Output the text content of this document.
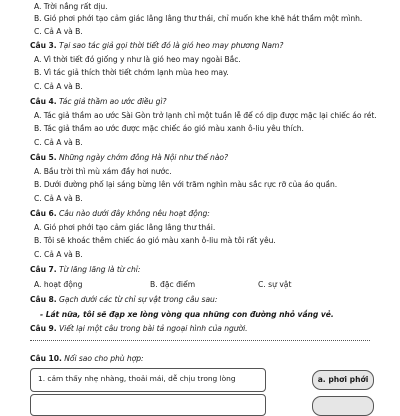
A. Trời nắng rất dịu.
B. Gió phơi phới tạo cảm giác lâng lâng thư thái, chỉ muốn khe khẽ hát thầm một mình.
C. Cả A và B.
Câu 3. Tại sao tác giả gọi thời tiết đó là gió heo may phương Nam?
A. Vì thời tiết đó giống y như là gió heo may ngoài Bắc.
B. Vì tác giả thích thời tiết chớm lạnh mùa heo may.
C. Cả A và B.
Câu 4. Tác giả thầm ao ước điều gì?
A. Tác giả thầm ao ước Sài Gòn trở lạnh chỉ một tuần lễ để có dịp được mặc lại chiếc áo rét.
B. Tác giả thầm ao ước được mặc chiếc áo gió màu xanh ô-liu yêu thích.
C. Cả A và B.
Câu 5. Những ngày chớm đông Hà Nội như thế nào?
A. Bầu trời thì mù xám đầy hơi nước.
B. Dưới đường phố lại sáng bừng lên với trăm nghìn màu sắc rực rỡ của áo quần.
C. Cả A và B.
Câu 6. Câu nào dưới đây không nêu hoạt động:
A. Gió phơi phới tạo cảm giác lâng lâng thư thái.
B. Tôi sẽ khoác thêm chiếc áo gió màu xanh ô-liu mà tôi rất yêu.
C. Cả A và B.
Câu 7. Từ lăng lăng là từ chỉ:
A. hoạt động	B. đặc điểm	C. sự vật
Câu 8. Gạch dưới các từ chỉ sự vật trong câu sau:
- Lát nữa, tôi sẽ đạp xe lòng vòng qua những con đường nhỏ vắng vẻ.
Câu 9. Viết lại một câu trong bài tả ngoại hình của người.
Câu 10. Nối sao cho phù hợp:
1. cảm thấy nhẹ nhàng, thoải mái, dễ chịu trong lòng	a. phơi phới
